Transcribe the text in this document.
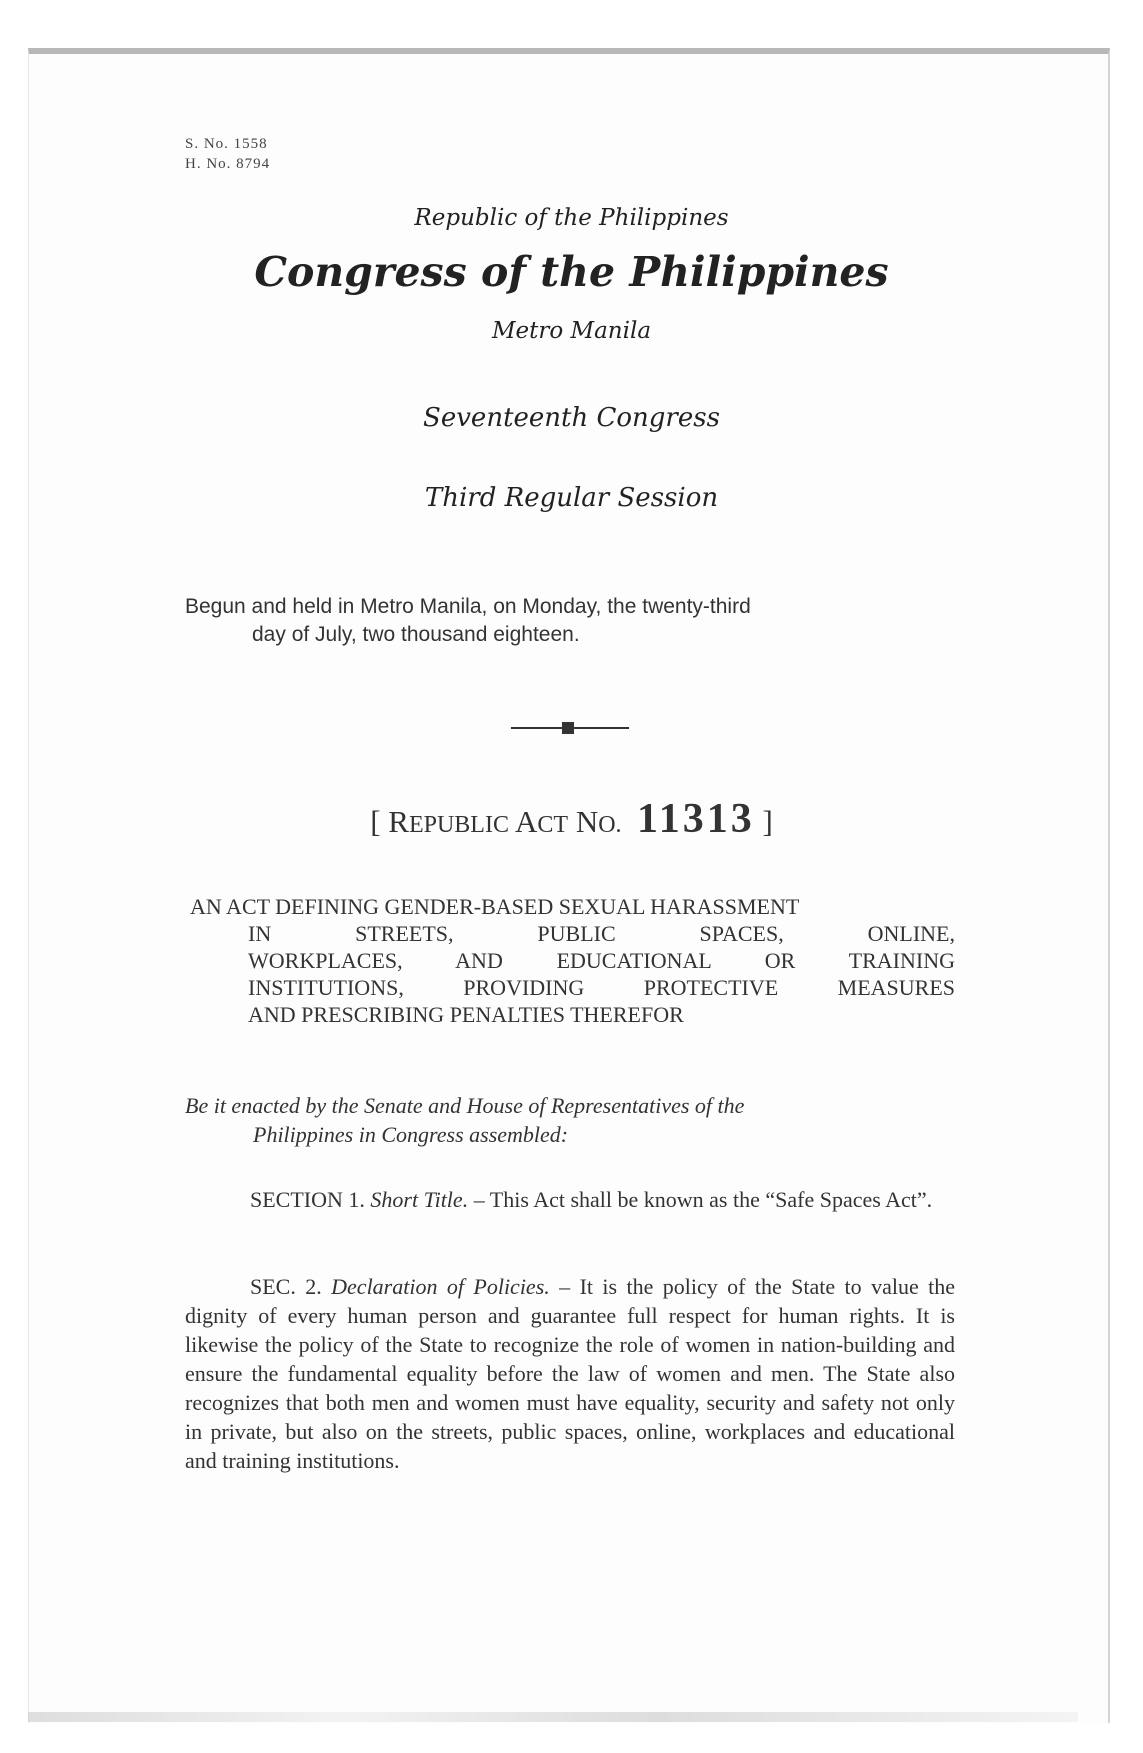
S. No. 1558
H. No. 8794
Republic of the Philippines
Congress of the Philippines
Metro Manila
Seventeenth Congress
Third Regular Session
Begun and held in Metro Manila, on Monday, the twenty-third
day of July, two thousand eighteen.
[ REPUBLIC ACT NO. 11313 ]
AN ACT DEFINING GENDER-BASED SEXUAL HARASSMENT
IN STREETS, PUBLIC SPACES, ONLINE,
WORKPLACES, AND EDUCATIONAL OR TRAINING
INSTITUTIONS, PROVIDING PROTECTIVE MEASURES
AND PRESCRIBING PENALTIES THEREFOR
Be it enacted by the Senate and House of Representatives of the
Philippines in Congress assembled:
SECTION 1. Short Title. – This Act shall be known as the “Safe Spaces Act”.
SEC. 2. Declaration of Policies. – It is the policy of the State to value the dignity of every human person and guarantee full respect for human rights. It is likewise the policy of the State to recognize the role of women in nation-building and ensure the fundamental equality before the law of women and men. The State also recognizes that both men and women must have equality, security and safety not only in private, but also on the streets, public spaces, online, workplaces and educational and training institutions.
